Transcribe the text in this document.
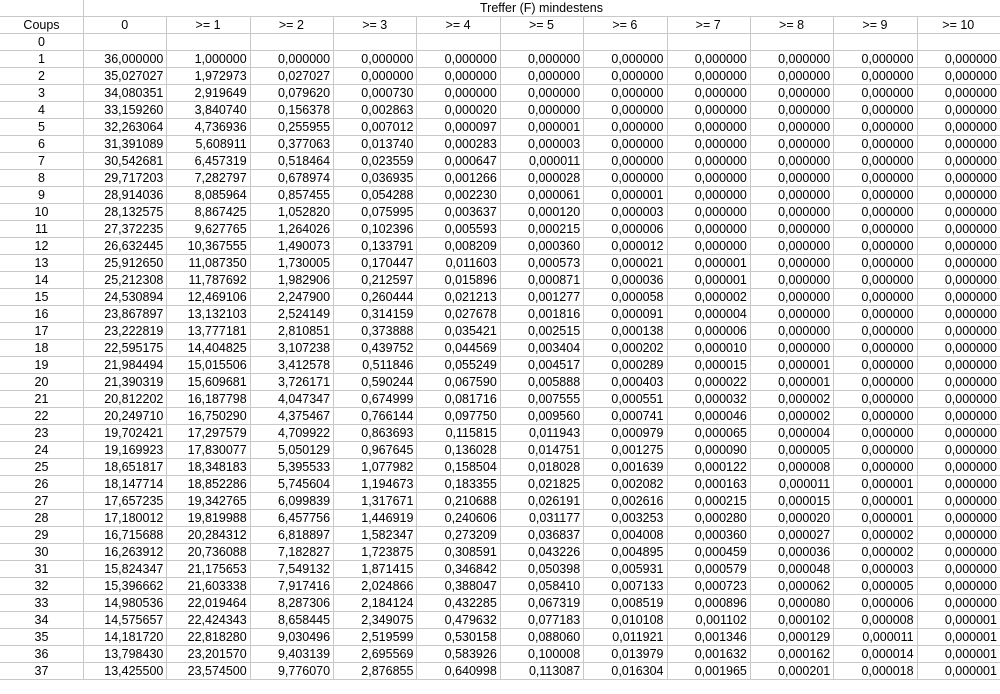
Treffer (F) mindestens
Coups	0	>= 1	>= 2	>= 3	>= 4	>= 5	>= 6	>= 7	>= 8	>= 9	>= 10
0
1	36,000000	1,000000	0,000000	0,000000	0,000000	0,000000	0,000000	0,000000	0,000000	0,000000	0,000000
2	35,027027	1,972973	0,027027	0,000000	0,000000	0,000000	0,000000	0,000000	0,000000	0,000000	0,000000
3	34,080351	2,919649	0,079620	0,000730	0,000000	0,000000	0,000000	0,000000	0,000000	0,000000	0,000000
4	33,159260	3,840740	0,156378	0,002863	0,000020	0,000000	0,000000	0,000000	0,000000	0,000000	0,000000
5	32,263064	4,736936	0,255955	0,007012	0,000097	0,000001	0,000000	0,000000	0,000000	0,000000	0,000000
6	31,391089	5,608911	0,377063	0,013740	0,000283	0,000003	0,000000	0,000000	0,000000	0,000000	0,000000
7	30,542681	6,457319	0,518464	0,023559	0,000647	0,000011	0,000000	0,000000	0,000000	0,000000	0,000000
8	29,717203	7,282797	0,678974	0,036935	0,001266	0,000028	0,000000	0,000000	0,000000	0,000000	0,000000
9	28,914036	8,085964	0,857455	0,054288	0,002230	0,000061	0,000001	0,000000	0,000000	0,000000	0,000000
10	28,132575	8,867425	1,052820	0,075995	0,003637	0,000120	0,000003	0,000000	0,000000	0,000000	0,000000
11	27,372235	9,627765	1,264026	0,102396	0,005593	0,000215	0,000006	0,000000	0,000000	0,000000	0,000000
12	26,632445	10,367555	1,490073	0,133791	0,008209	0,000360	0,000012	0,000000	0,000000	0,000000	0,000000
13	25,912650	11,087350	1,730005	0,170447	0,011603	0,000573	0,000021	0,000001	0,000000	0,000000	0,000000
14	25,212308	11,787692	1,982906	0,212597	0,015896	0,000871	0,000036	0,000001	0,000000	0,000000	0,000000
15	24,530894	12,469106	2,247900	0,260444	0,021213	0,001277	0,000058	0,000002	0,000000	0,000000	0,000000
16	23,867897	13,132103	2,524149	0,314159	0,027678	0,001816	0,000091	0,000004	0,000000	0,000000	0,000000
17	23,222819	13,777181	2,810851	0,373888	0,035421	0,002515	0,000138	0,000006	0,000000	0,000000	0,000000
18	22,595175	14,404825	3,107238	0,439752	0,044569	0,003404	0,000202	0,000010	0,000000	0,000000	0,000000
19	21,984494	15,015506	3,412578	0,511846	0,055249	0,004517	0,000289	0,000015	0,000001	0,000000	0,000000
20	21,390319	15,609681	3,726171	0,590244	0,067590	0,005888	0,000403	0,000022	0,000001	0,000000	0,000000
21	20,812202	16,187798	4,047347	0,674999	0,081716	0,007555	0,000551	0,000032	0,000002	0,000000	0,000000
22	20,249710	16,750290	4,375467	0,766144	0,097750	0,009560	0,000741	0,000046	0,000002	0,000000	0,000000
23	19,702421	17,297579	4,709922	0,863693	0,115815	0,011943	0,000979	0,000065	0,000004	0,000000	0,000000
24	19,169923	17,830077	5,050129	0,967645	0,136028	0,014751	0,001275	0,000090	0,000005	0,000000	0,000000
25	18,651817	18,348183	5,395533	1,077982	0,158504	0,018028	0,001639	0,000122	0,000008	0,000000	0,000000
26	18,147714	18,852286	5,745604	1,194673	0,183355	0,021825	0,002082	0,000163	0,000011	0,000001	0,000000
27	17,657235	19,342765	6,099839	1,317671	0,210688	0,026191	0,002616	0,000215	0,000015	0,000001	0,000000
28	17,180012	19,819988	6,457756	1,446919	0,240606	0,031177	0,003253	0,000280	0,000020	0,000001	0,000000
29	16,715688	20,284312	6,818897	1,582347	0,273209	0,036837	0,004008	0,000360	0,000027	0,000002	0,000000
30	16,263912	20,736088	7,182827	1,723875	0,308591	0,043226	0,004895	0,000459	0,000036	0,000002	0,000000
31	15,824347	21,175653	7,549132	1,871415	0,346842	0,050398	0,005931	0,000579	0,000048	0,000003	0,000000
32	15,396662	21,603338	7,917416	2,024866	0,388047	0,058410	0,007133	0,000723	0,000062	0,000005	0,000000
33	14,980536	22,019464	8,287306	2,184124	0,432285	0,067319	0,008519	0,000896	0,000080	0,000006	0,000000
34	14,575657	22,424343	8,658445	2,349075	0,479632	0,077183	0,010108	0,001102	0,000102	0,000008	0,000001
35	14,181720	22,818280	9,030496	2,519599	0,530158	0,088060	0,011921	0,001346	0,000129	0,000011	0,000001
36	13,798430	23,201570	9,403139	2,695569	0,583926	0,100008	0,013979	0,001632	0,000162	0,000014	0,000001
37	13,425500	23,574500	9,776070	2,876855	0,640998	0,113087	0,016304	0,001965	0,000201	0,000018	0,000001
